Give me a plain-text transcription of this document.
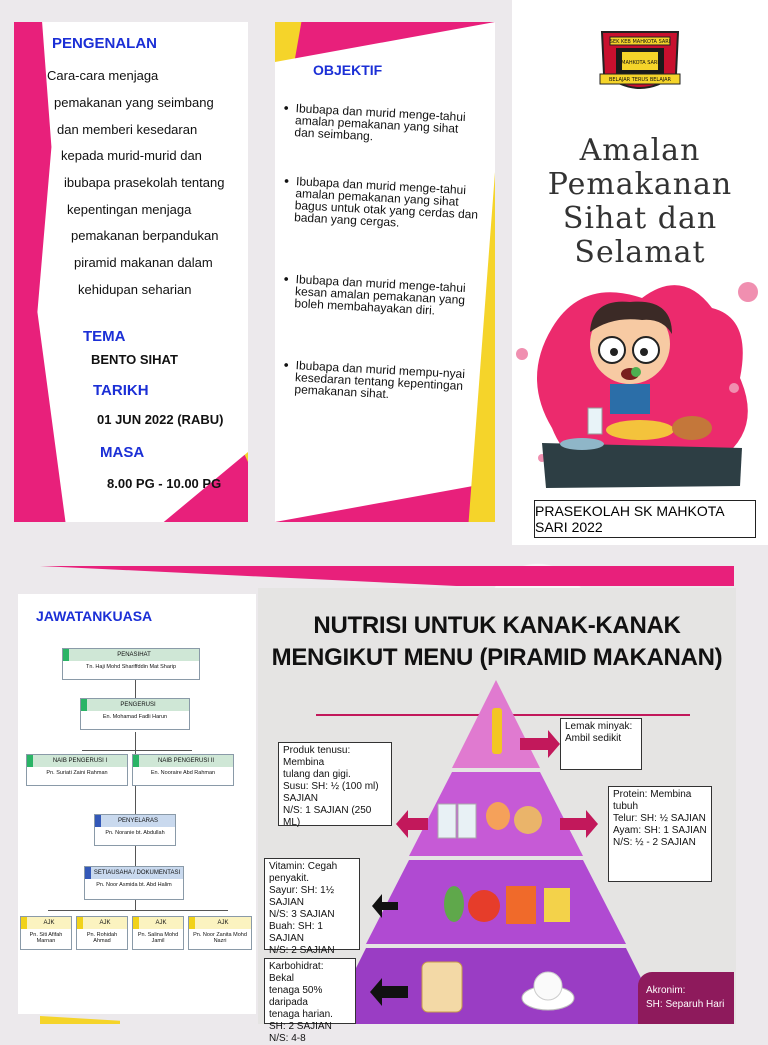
PENGENALAN
Cara-cara menjaga
pemakanan yang seimbang
dan memberi kesedaran
kepada murid-murid dan
ibubapa prasekolah tentang
kepentingan menjaga
pemakanan berpandukan
piramid makanan dalam
kehidupan seharian
TEMA
BENTO SIHAT
TARIKH
01 JUN 2022 (RABU)
MASA
8.00 PG - 10.00 PG
OBJEKTIF
• Ibubapa dan murid menge-tahui amalan pemakanan yang sihat dan seimbang.
• Ibubapa dan murid menge-tahui amalan pemakanan yang sihat bagus untuk otak yang cerdas dan badan yang cergas.
• Ibubapa dan murid menge-tahui kesan amalan pemakanan yang boleh membahayakan diri.
• Ibubapa dan murid mempu-nyai kesedaran tentang kepentingan pemakanan sihat.
SEK KEB MAHKOTA SARI
MAHKOTA SARI
BELAJAR TERUS BELAJAR
Amalan
Pemakanan
Sihat dan
Selamat
PRASEKOLAH SK MAHKOTA SARI 2022
JAWATANKUASA
PENASIHAT
Tn. Haji Mohd Shariffddin Mat Sharip
PENGERUSI
En. Mohamad Fadli Harun
NAIB PENGERUSI I
Pn. Suriati Zaini Rahman
NAIB PENGERUSI II
En. Nooraire Abd Rahman
PENYELARAS
Pn. Noranie bt. Abdullah
SETIAUSAHA / DOKUMENTASI
Pn. Noor Asmida bt. Abd Halim
AJK
Pn. Siti Afifah Marnan
AJK
Pn. Rohidah Ahmad
AJK
Pn. Salina Mohd Jamil
AJK
Pn. Noor Zanita Mohd Nazri
NUTRISI UNTUK KANAK-KANAK
MENGIKUT MENU (PIRAMID MAKANAN)
Lemak minyak: Ambil sedikit
Produk tenusu: Membina
tulang dan gigi.
Susu: SH: ½ (100 ml)
SAJIAN
N/S: 1 SAJIAN (250 ML)
Protein: Membina
tubuh
Telur: SH: ½ SAJIAN
Ayam: SH: 1 SAJIAN
N/S: ½ - 2 SAJIAN
Vitamin: Cegah penyakit.
Sayur: SH: 1½ SAJIAN
N/S: 3 SAJIAN
Buah: SH: 1 SAJIAN
N/S: 2 SAJIAN
Karbohidrat: Bekal
tenaga 50% daripada
tenaga harian.
SH: 2 SAJIAN N/S: 4-8
Akronim:
SH: Separuh Hari
